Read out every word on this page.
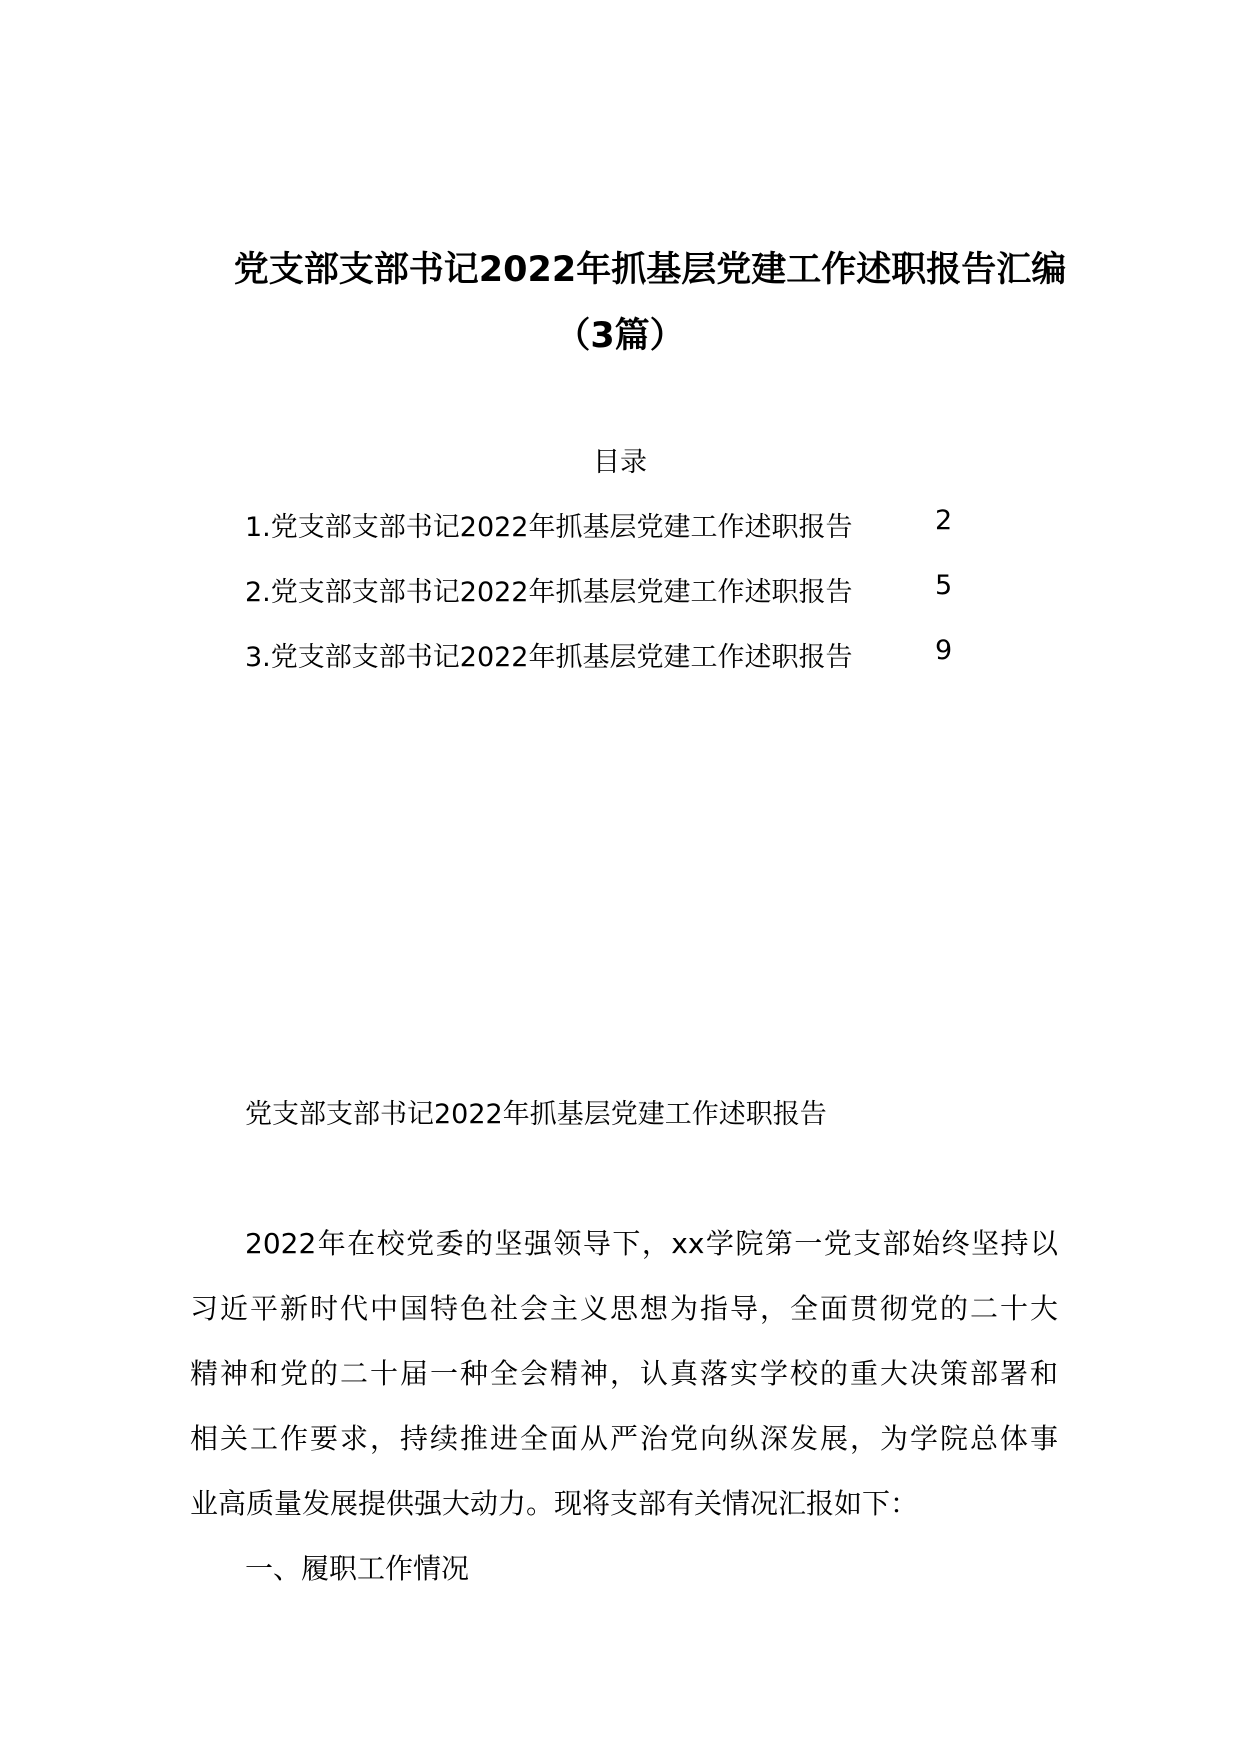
党支部支部书记2022年抓基层党建工作述职报告汇编
（3篇）
目录
1.党支部支部书记2022年抓基层党建工作述职报告	2
2.党支部支部书记2022年抓基层党建工作述职报告	5
3.党支部支部书记2022年抓基层党建工作述职报告	9
党支部支部书记2022年抓基层党建工作述职报告
2022年在校党委的坚强领导下，xx学院第一党支部始终坚持以
习近平新时代中国特色社会主义思想为指导，全面贯彻党的二十大
精神和党的二十届一种全会精神，认真落实学校的重大决策部署和
相关工作要求，持续推进全面从严治党向纵深发展，为学院总体事
业高质量发展提供强大动力。现将支部有关情况汇报如下：
一、履职工作情况
